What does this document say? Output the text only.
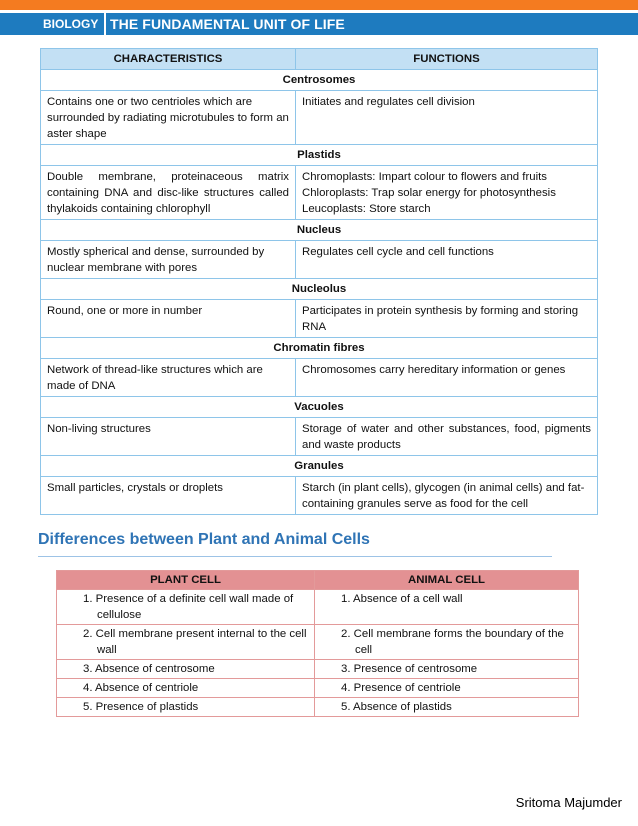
BIOLOGY THE FUNDAMENTAL UNIT OF LIFE
CHARACTERISTICS	FUNCTIONS
Centrosomes	
Contains one or two centrioles which are surrounded by radiating microtubules to form an aster shape	Initiates and regulates cell division
Plastids	
Double membrane, proteinaceous matrix containing DNA and disc-like structures called thylakoids containing chlorophyll	Chromoplasts: Impart colour to flowers and fruits
Chloroplasts: Trap solar energy for photosynthesis
Leucoplasts: Store starch

Nucleus	
Mostly spherical and dense, surrounded by nuclear membrane with pores	Regulates cell cycle and cell functions
Nucleolus	
Round, one or more in number	Participates in protein synthesis by forming and storing RNA
Chromatin fibres	
Network of thread-like structures which are made of DNA	Chromosomes carry hereditary information or genes
Vacuoles	
Non-living structures	Storage of water and other substances, food, pigments and waste products
Granules	
Small particles, crystals or droplets	Starch (in plant cells), glycogen (in animal cells) and fat-containing granules serve as food for the cell
Differences between Plant and Animal Cells
PLANT CELL	ANIMAL CELL

1. Presence of a definite cell wall made of cellulose	1. Absence of a cell wall

2. Cell membrane present internal to the cell wall	2. Cell membrane forms the boundary of the cell

3. Absence of centrosome	3. Presence of centrosome

4. Absence of centriole	4. Presence of centriole

5. Presence of plastids	5. Absence of plastids
Sritoma Majumder
